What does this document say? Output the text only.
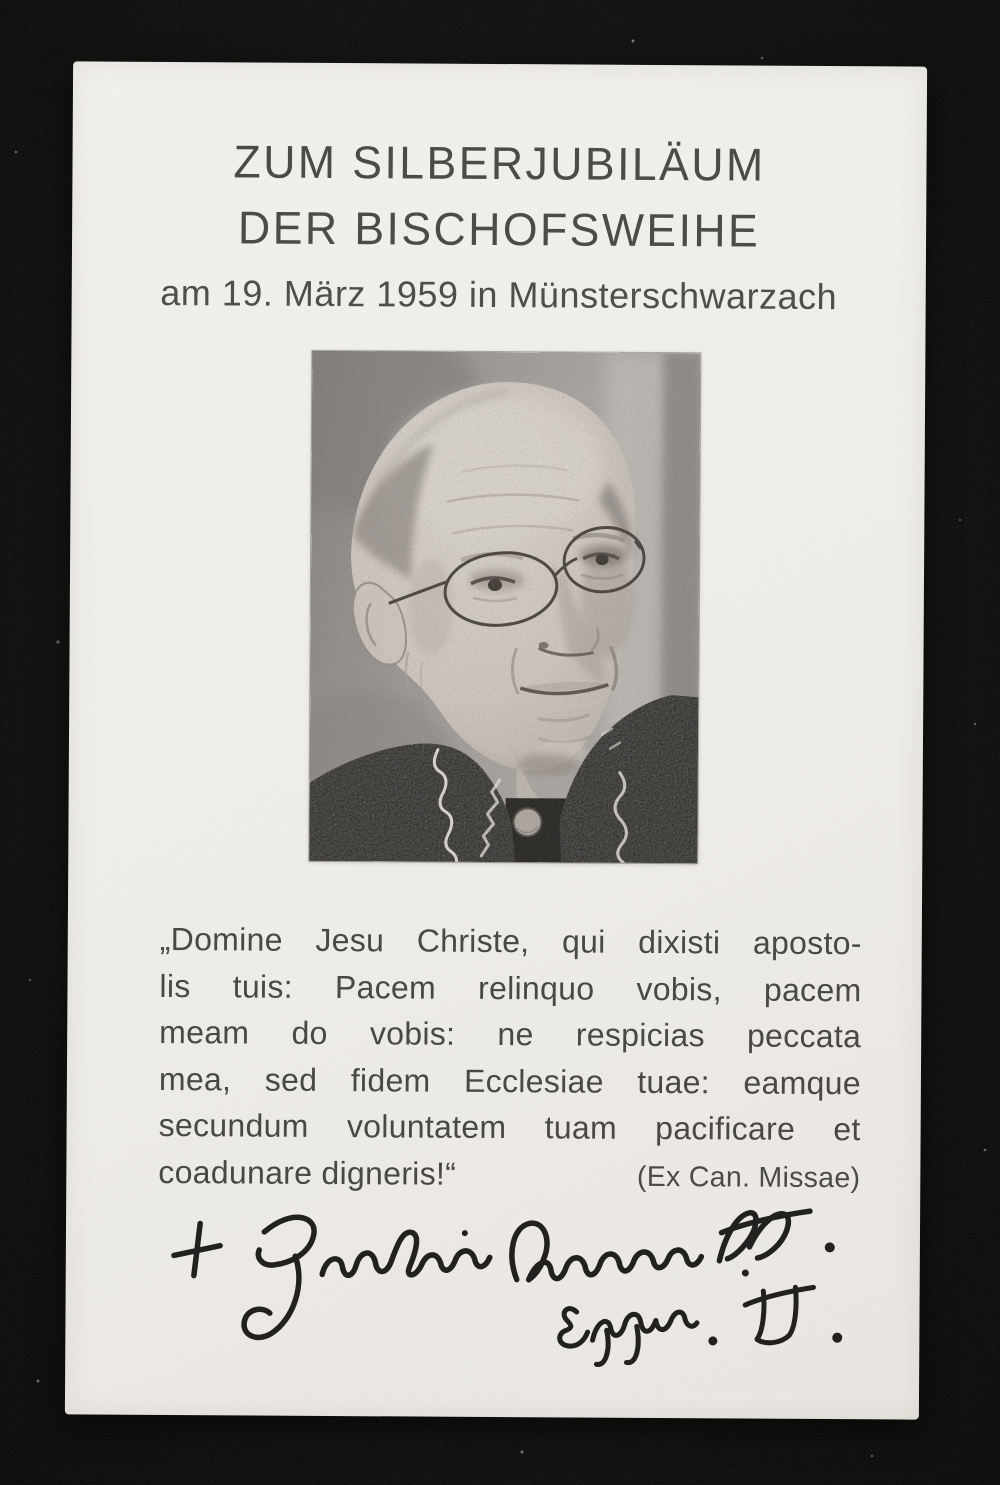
ZUM SILBERJUBILÄUM
DER BISCHOFSWEIHE
am 19. März 1959 in Münsterschwarzach
„Domine Jesu Christe, qui dixisti aposto-
lis tuis: Pacem relinquo vobis, pacem
meam do vobis: ne respicias peccata
mea, sed fidem Ecclesiae tuae: eamque
secundum voluntatem tuam pacificare et
coadunare digneris!“	(Ex Can. Missae)
